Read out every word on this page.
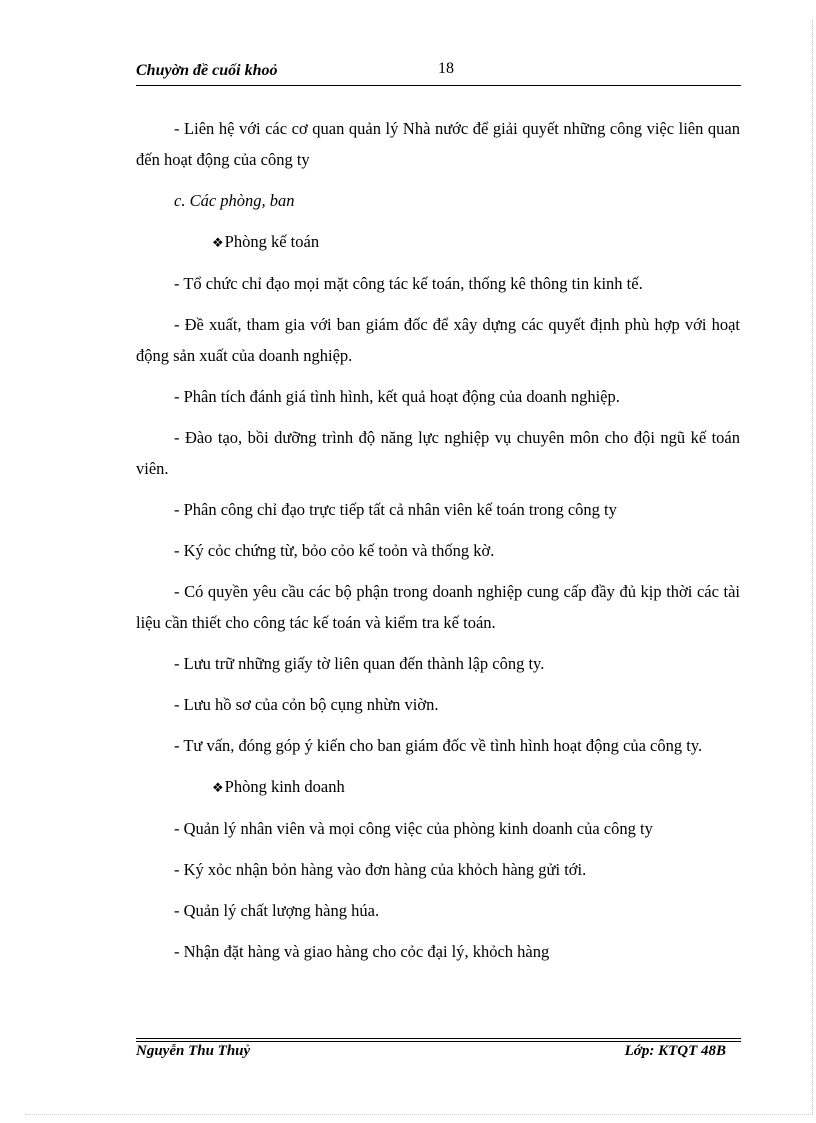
Chuyờn đề cuối khoỏ	18

- Liên hệ với các cơ quan quản lý Nhà nước để giải quyết những công việc liên quan đến hoạt động của công ty

c. Các phòng, ban

❖Phòng kế toán

- Tổ chức chỉ đạo mọi mặt công tác kế toán, thống kê thông tin kinh tế.

- Đề xuất, tham gia với ban giám đốc để xây dựng các quyết định phù hợp với hoạt động sản xuất của doanh nghiệp.

- Phân tích đánh giá tình hình, kết quả hoạt động của doanh nghiệp.

- Đào tạo, bồi dưỡng trình độ năng lực nghiệp vụ chuyên môn cho đội ngũ kế toán viên.

- Phân công chỉ đạo trực tiếp tất cả nhân viên kế toán trong công ty

- Ký cỏc chứng từ, bỏo cỏo kế toỏn và thống kờ.

- Có quyền yêu cầu các bộ phận trong doanh nghiệp cung cấp đầy đủ kịp thời các tài liệu cần thiết cho công tác kế toán và kiểm tra kế toán.

- Lưu trữ những giấy tờ liên quan đến thành lập công ty.

- Lưu hồ sơ của cỏn bộ cụng nhừn viờn.

- Tư vấn, đóng góp ý kiến cho ban giám đốc về tình hình hoạt động của công ty.

❖Phòng kinh doanh

- Quản lý nhân viên và mọi công việc của phòng kinh doanh của công ty

- Ký xỏc nhận bỏn hàng vào đơn hàng của khỏch hàng gửi tới.

- Quản lý chất lượng hàng húa.

- Nhận đặt hàng và giao hàng cho cỏc đại lý, khỏch hàng

Nguyễn Thu Thuỷ	Lớp: KTQT 48B
